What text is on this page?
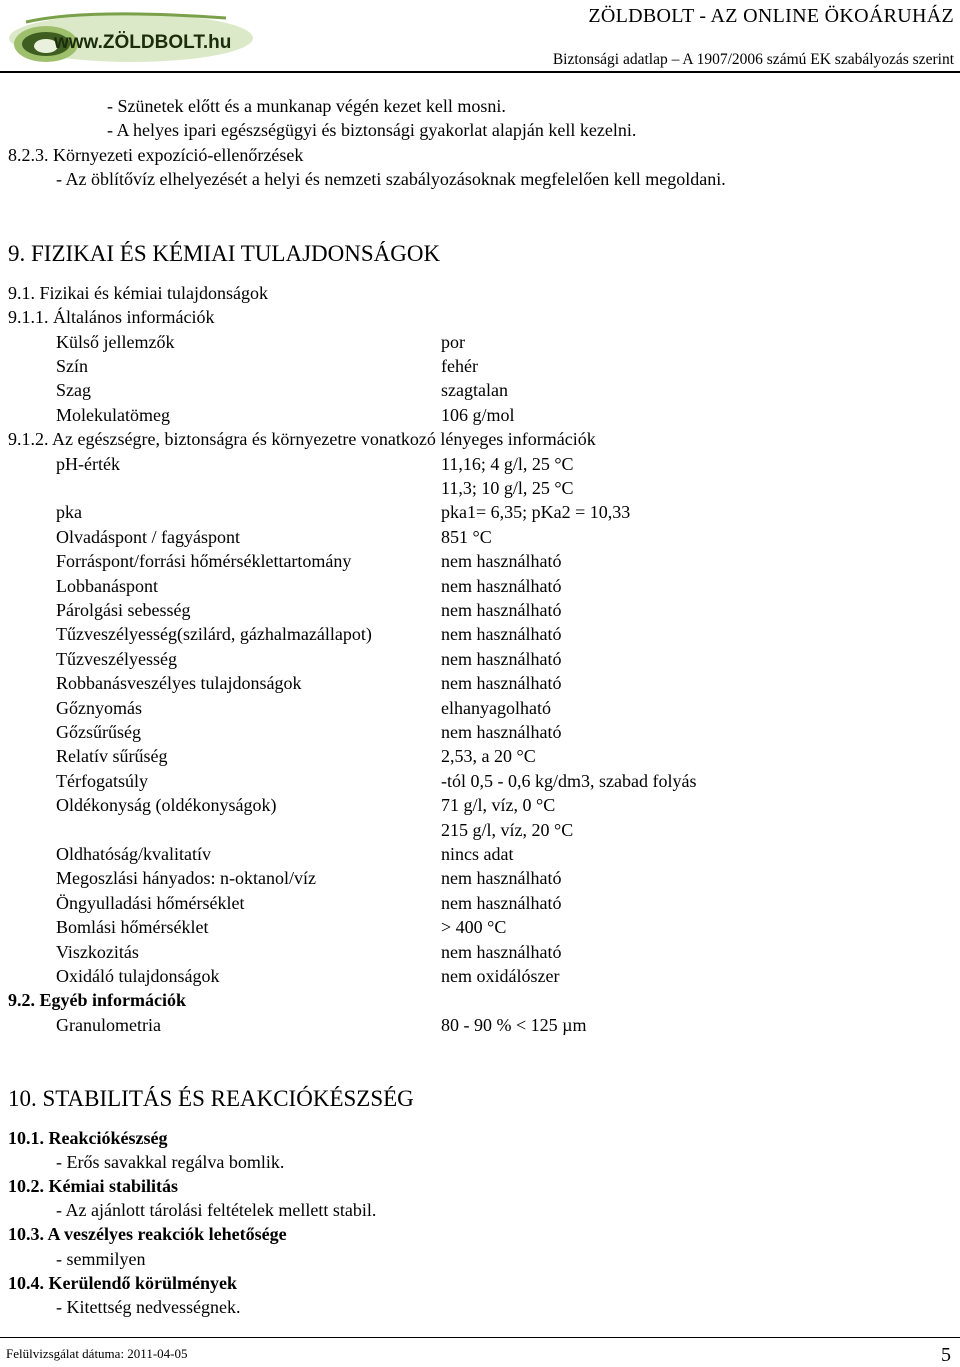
www.ZÖLDBOLT.hu
ZÖLDBOLT - AZ ONLINE ÖKOÁRUHÁZ
Biztonsági adatlap – A 1907/2006 számú EK szabályozás szerint
- Szünetek előtt és a munkanap végén kezet kell mosni.
- A helyes ipari egészségügyi és biztonsági gyakorlat alapján kell kezelni.
8.2.3. Környezeti expozíció-ellenőrzések
- Az öblítővíz elhelyezését a helyi és nemzeti szabályozásoknak megfelelően kell megoldani.
9. FIZIKAI ÉS KÉMIAI TULAJDONSÁGOK
9.1. Fizikai és kémiai tulajdonságok
9.1.1. Általános információk
Külső jellemzők	por
Szín	fehér
Szag	szagtalan
Molekulatömeg	106 g/mol
9.1.2. Az egészségre, biztonságra és környezetre vonatkozó lényeges információk
pH-érték	11,16; 4 g/l, 25 °C
11,3; 10 g/l, 25 °C
pka	pka1= 6,35; pKa2 = 10,33
Olvadáspont / fagyáspont	851 °C
Forráspont/forrási hőmérséklettartomány	nem használható
Lobbanáspont	nem használható
Párolgási sebesség	nem használható
Tűzveszélyesség(szilárd, gázhalmazállapot)	nem használható
Tűzveszélyesség	nem használható
Robbanásveszélyes tulajdonságok	nem használható
Gőznyomás	elhanyagolható
Gőzsűrűség	nem használható
Relatív sűrűség	2,53, a 20 °C
Térfogatsúly	-tól 0,5 - 0,6 kg/dm3, szabad folyás
Oldékonyság (oldékonyságok)	71 g/l, víz, 0 °C
215 g/l, víz, 20 °C
Oldhatóság/kvalitatív	nincs adat
Megoszlási hányados: n-oktanol/víz	nem használható
Öngyulladási hőmérséklet	nem használható
Bomlási hőmérséklet	> 400 °C
Viszkozitás	nem használható
Oxidáló tulajdonságok	nem oxidálószer
9.2. Egyéb információk
Granulometria	80 - 90 % < 125 µm
10. STABILITÁS ÉS REAKCIÓKÉSZSÉG
10.1. Reakciókészség
- Erős savakkal regálva bomlik.
10.2. Kémiai stabilitás
- Az ajánlott tárolási feltételek mellett stabil.
10.3. A veszélyes reakciók lehetősége
- semmilyen
10.4. Kerülendő körülmények
- Kitettség nedvességnek.
Felülvizsgálat dátuma: 2011-04-05	5
